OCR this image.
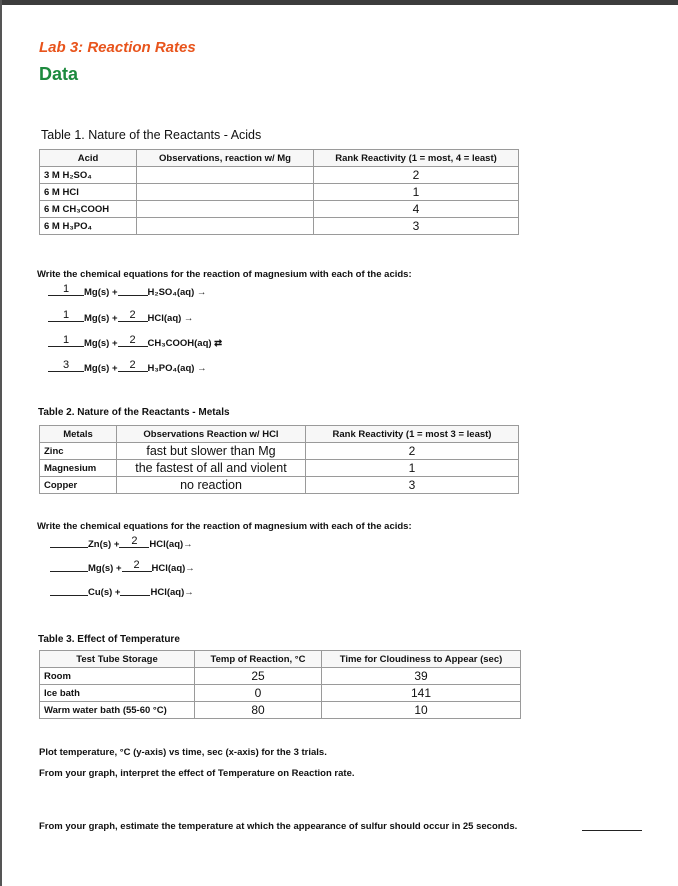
Lab 3: Reaction Rates
Data
Table 1. Nature of the Reactants - Acids
Acid	Observations, reaction w/ Mg	Rank Reactivity (1 = most, 4 = least)
3 M H₂SO₄		2
6 M HCl		1
6 M CH₃COOH		4
6 M H₃PO₄		3
Write the chemical equations for the reaction of magnesium with each of the acids:
1 Mg(s) +	H₂SO₄(aq) →
1 Mg(s) + 2 HCl(aq) →
1 Mg(s) + 2 CH₃COOH(aq) ⇄
3 Mg(s) + 2 H₃PO₄(aq) →
Table 2. Nature of the Reactants - Metals
Metals	Observations Reaction w/ HCl	Rank Reactivity (1 = most 3 = least)
Zinc	fast but slower than Mg	2
Magnesium	the fastest of all and violent	1
Copper	no reaction	3
Write the chemical equations for the reaction of magnesium with each of the acids:
Zn(s) + 2 HCl(aq)→
Mg(s) + 2 HCl(aq)→
Cu(s) +	HCl(aq)→
Table 3. Effect of Temperature
Test Tube Storage	Temp of Reaction, °C	Time for Cloudiness to Appear (sec)
Room	25	39
Ice bath	0	141
Warm water bath (55-60 °C)	80	10
Plot temperature, °C (y-axis) vs time, sec (x-axis) for the 3 trials.
From your graph, interpret the effect of Temperature on Reaction rate.
From your graph, estimate the temperature at which the appearance of sulfur should occur in 25 seconds.
